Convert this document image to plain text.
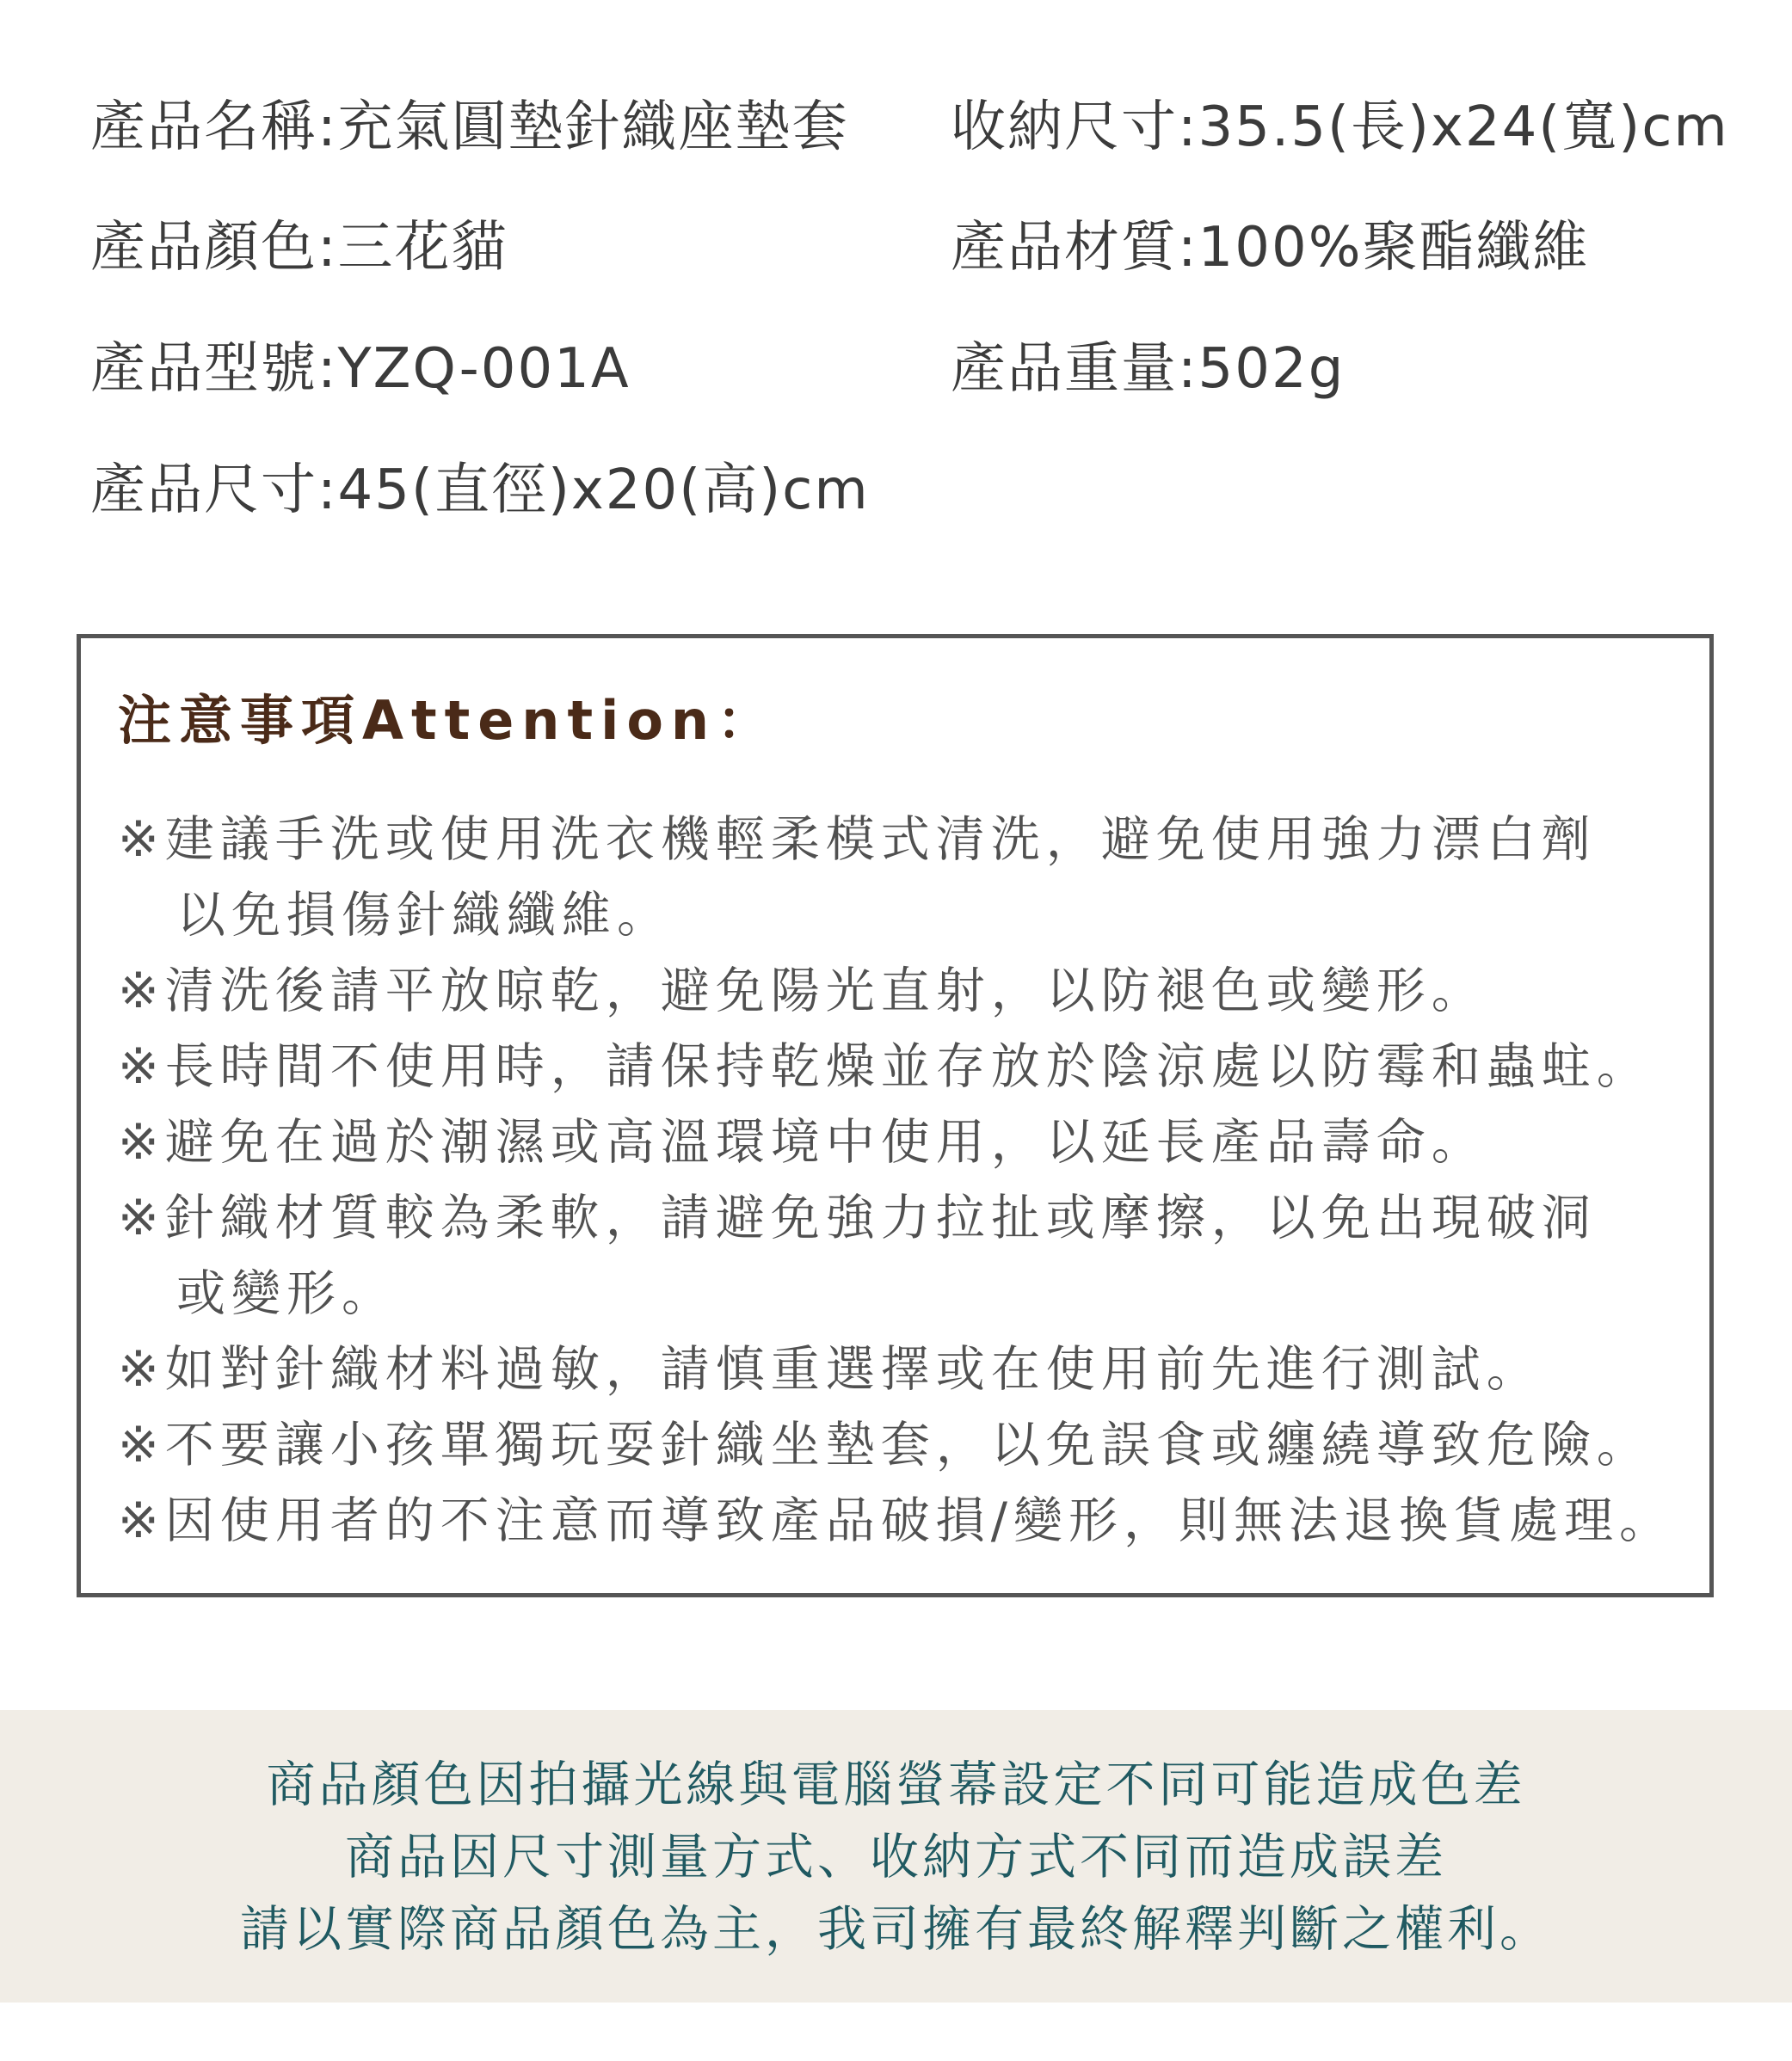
產品名稱:充氣圓墊針織座墊套
產品顏色:三花貓
產品型號:YZQ-001A
產品尺寸:45(直徑)x20(高)cm
收納尺寸:35.5(長)x24(寬)cm
產品材質:100%聚酯纖維
產品重量:502g
注意事項Attention：
※建議手洗或使用洗衣機輕柔模式清洗，避免使用強力漂白劑
以免損傷針織纖維。
※清洗後請平放晾乾，避免陽光直射，以防褪色或變形。
※長時間不使用時，請保持乾燥並存放於陰涼處以防霉和蟲蛀。
※避免在過於潮濕或高溫環境中使用，以延長產品壽命。
※針織材質較為柔軟，請避免強力拉扯或摩擦，以免出現破洞
或變形。
※如對針織材料過敏，請慎重選擇或在使用前先進行測試。
※不要讓小孩單獨玩耍針織坐墊套，以免誤食或纏繞導致危險。
※因使用者的不注意而導致產品破損/變形，則無法退換貨處理。
商品顏色因拍攝光線與電腦螢幕設定不同可能造成色差
商品因尺寸測量方式、收納方式不同而造成誤差
請以實際商品顏色為主，我司擁有最終解釋判斷之權利。
